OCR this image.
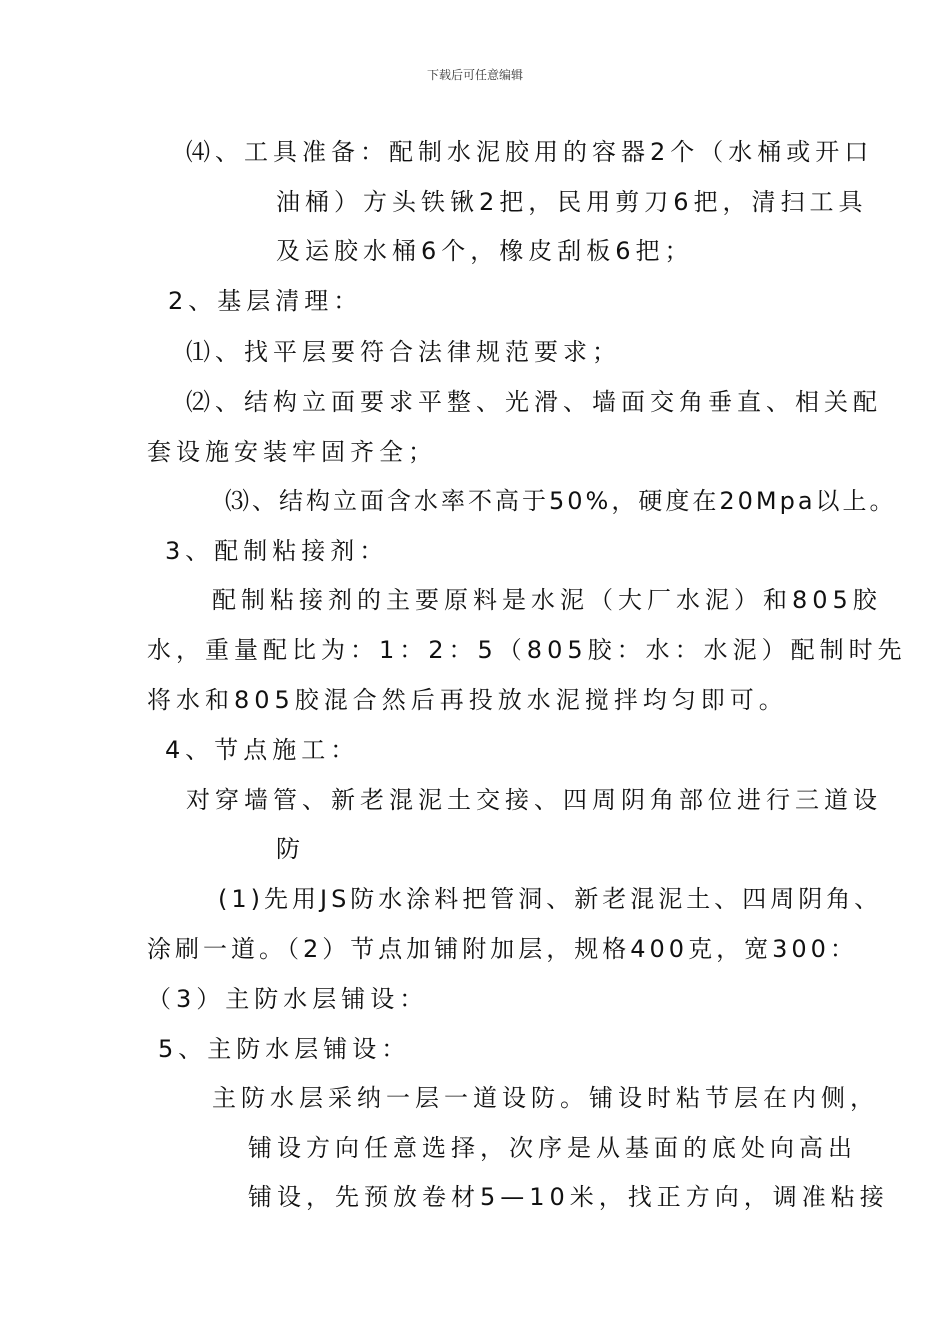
下载后可任意编辑
⑷、工具准备：配制水泥胶用的容器2个（水桶或开口
油桶）方头铁锹2把，民用剪刀6把，清扫工具
及运胶水桶6个，橡皮刮板6把；
2、基层清理：
⑴、找平层要符合法律规范要求；
⑵、结构立面要求平整、光滑、墙面交角垂直、相关配
套设施安装牢固齐全；
⑶、结构立面含水率不高于50%，硬度在20Mpa以上。
3、配制粘接剂：
配制粘接剂的主要原料是水泥（大厂水泥）和805胶
水，重量配比为：1：2：5（805胶：水：水泥）配制时先
将水和805胶混合然后再投放水泥搅拌均匀即可。
4、节点施工：
对穿墙管、新老混泥土交接、四周阴角部位进行三道设
防
(1)先用JS防水涂料把管洞、新老混泥土、四周阴角、
涂刷一道。（2）节点加铺附加层，规格400克，宽300：
（3）主防水层铺设：
5、主防水层铺设：
主防水层采纳一层一道设防。铺设时粘节层在内侧，
铺设方向任意选择，次序是从基面的底处向高出
铺设，先预放卷材5—10米，找正方向，调准粘接
